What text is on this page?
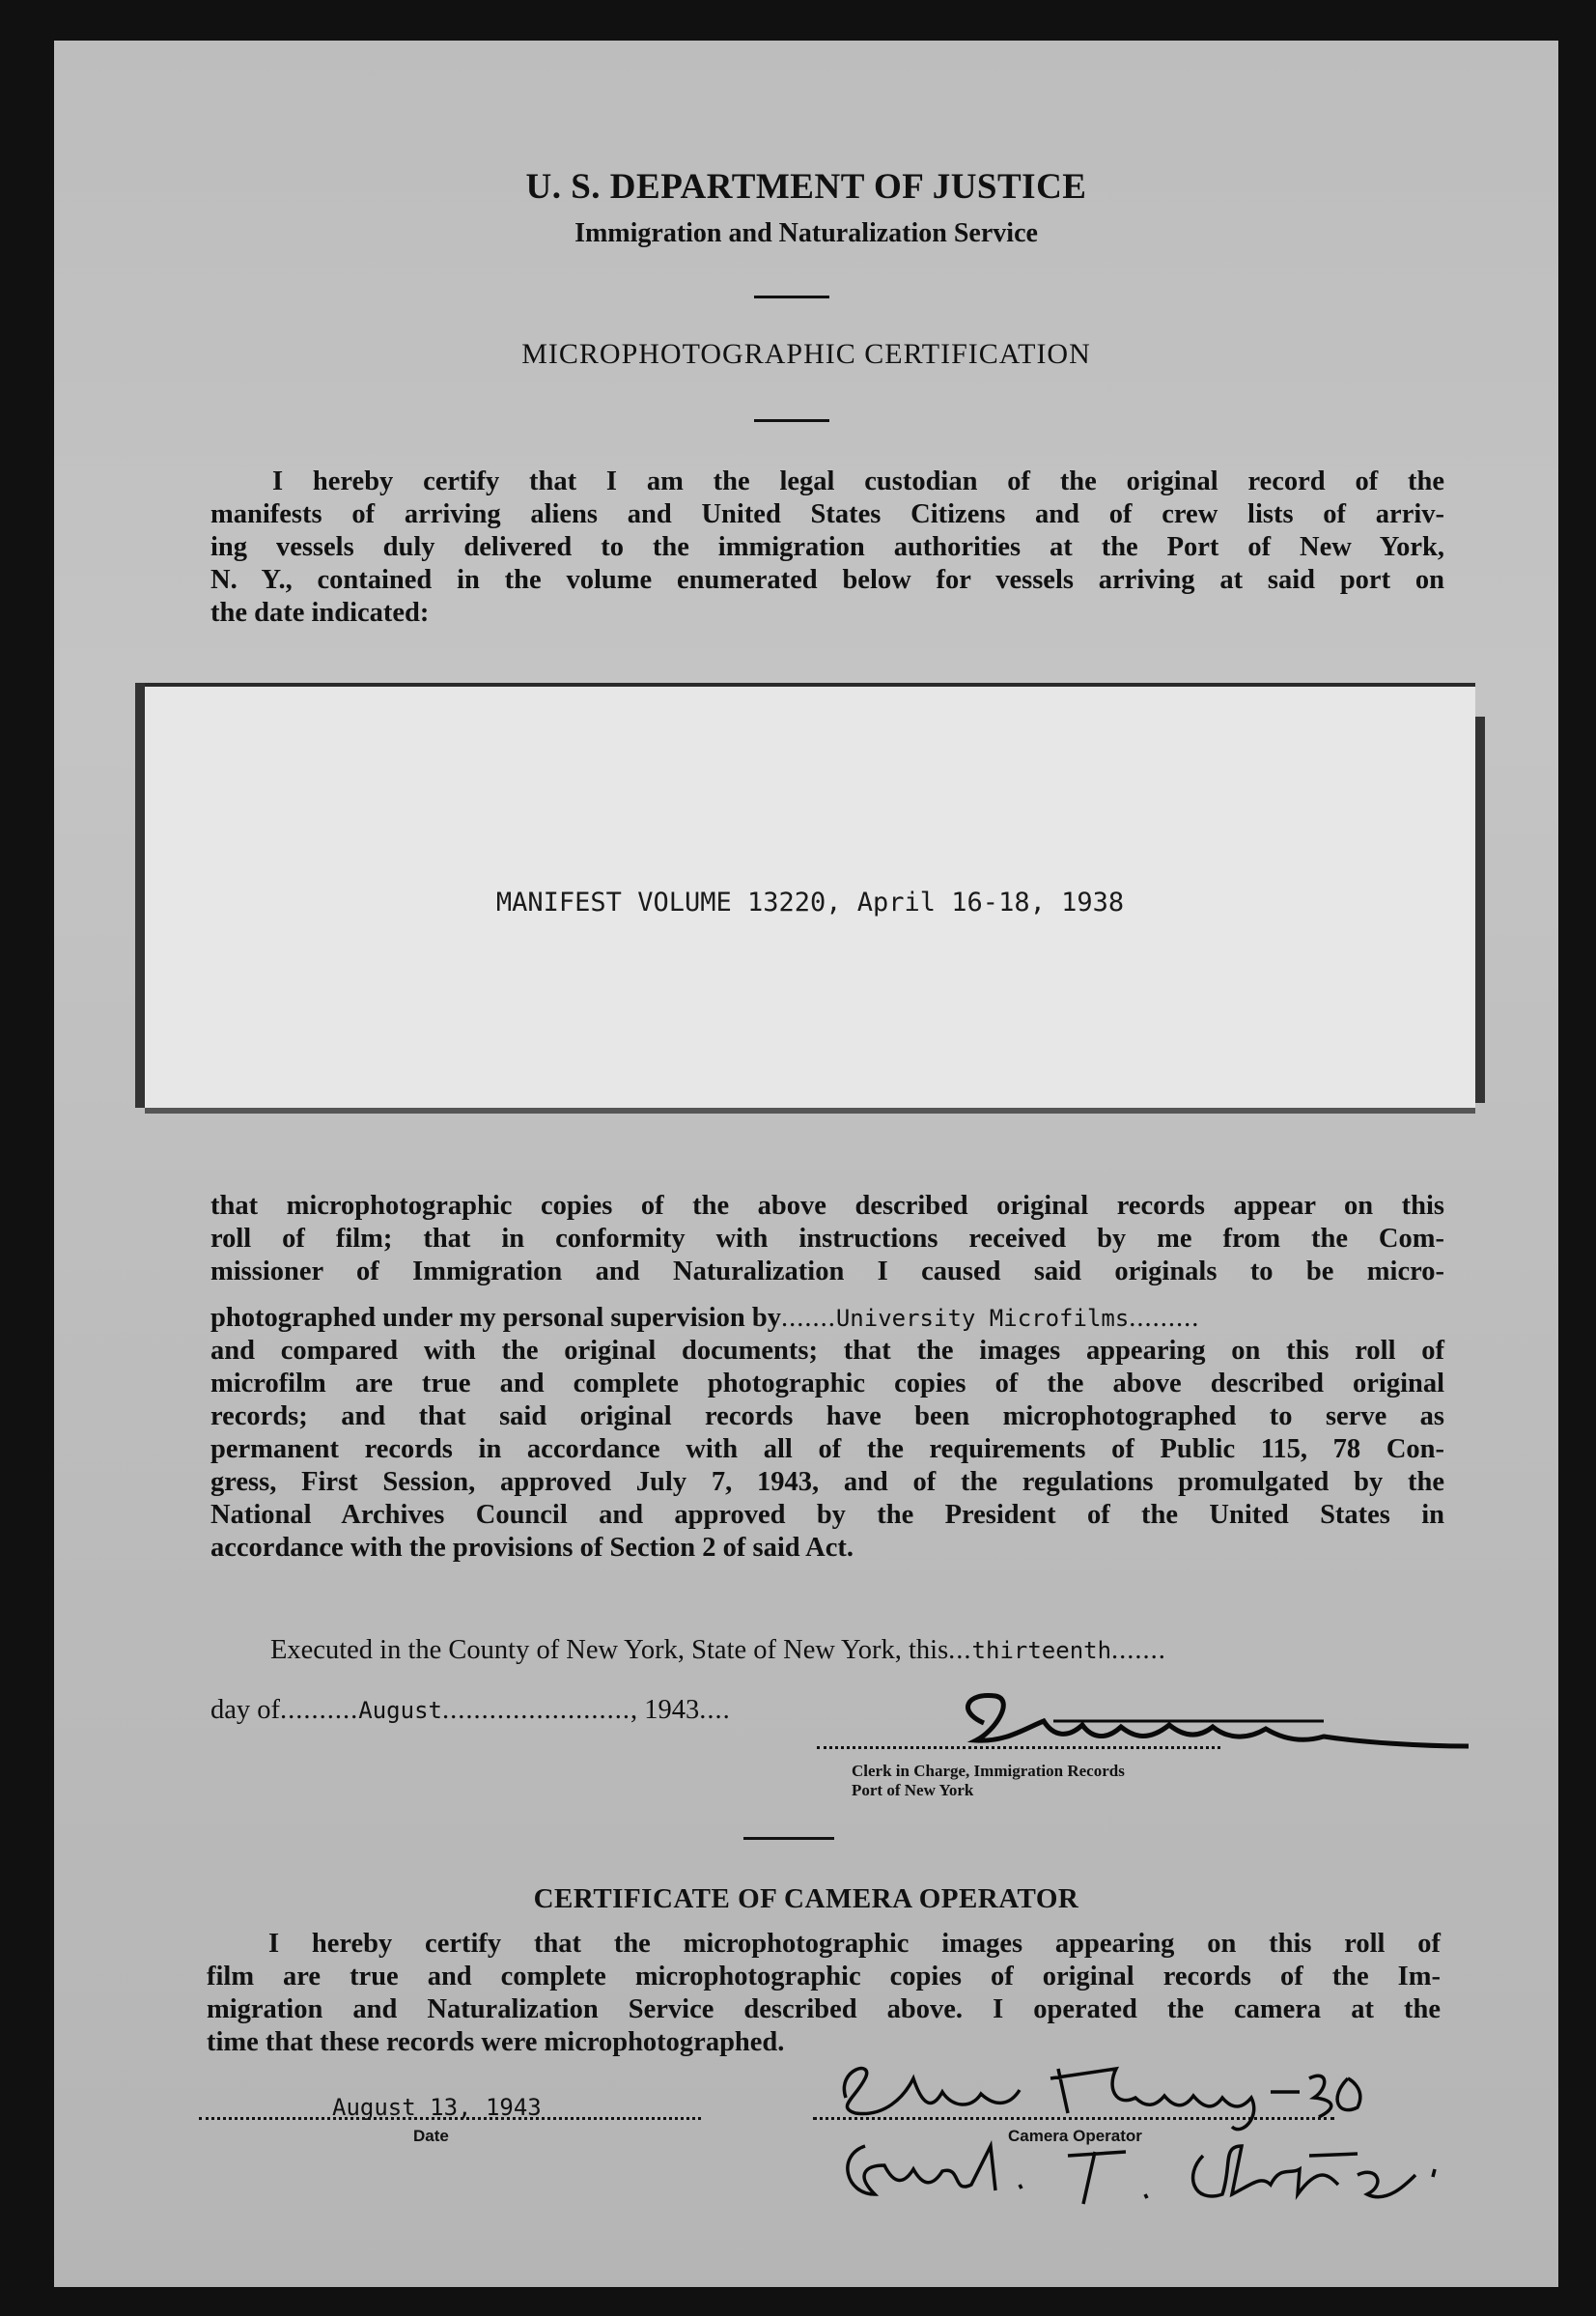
U. S. DEPARTMENT OF JUSTICE
Immigration and Naturalization Service
MICROPHOTOGRAPHIC CERTIFICATION
I hereby certify that I am the legal custodian of the original record of the
manifests of arriving aliens and United States Citizens and of crew lists of arriv-
ing vessels duly delivered to the immigration authorities at the Port of New York,
N. Y., contained in the volume enumerated below for vessels arriving at said port on
the date indicated:
MANIFEST VOLUME 13220, April 16-18, 1938
that microphotographic copies of the above described original records appear on this
roll of film; that in conformity with instructions received by me from the Com-
missioner of Immigration and Naturalization I caused said originals to be micro-
photographed under my personal supervision by.......University Microfilms.........
and compared with the original documents; that the images appearing on this roll of
microfilm are true and complete photographic copies of the above described original
records; and that said original records have been microphotographed to serve as
permanent records in accordance with all of the requirements of Public 115, 78 Con-
gress, First Session, approved July 7, 1943, and of the regulations promulgated by the
National Archives Council and approved by the President of the United States in
accordance with the provisions of Section 2 of said Act.
Executed in the County of New York, State of New York, this...thirteenth.......
day of..........August........................, 1943....
Clerk in Charge, Immigration Records
Port of New York
CERTIFICATE OF CAMERA OPERATOR
I hereby certify that the microphotographic images appearing on this roll of
film are true and complete microphotographic copies of original records of the Im-
migration and Naturalization Service described above. I operated the camera at the
time that these records were microphotographed.
August 13, 1943
Date	Camera Operator
